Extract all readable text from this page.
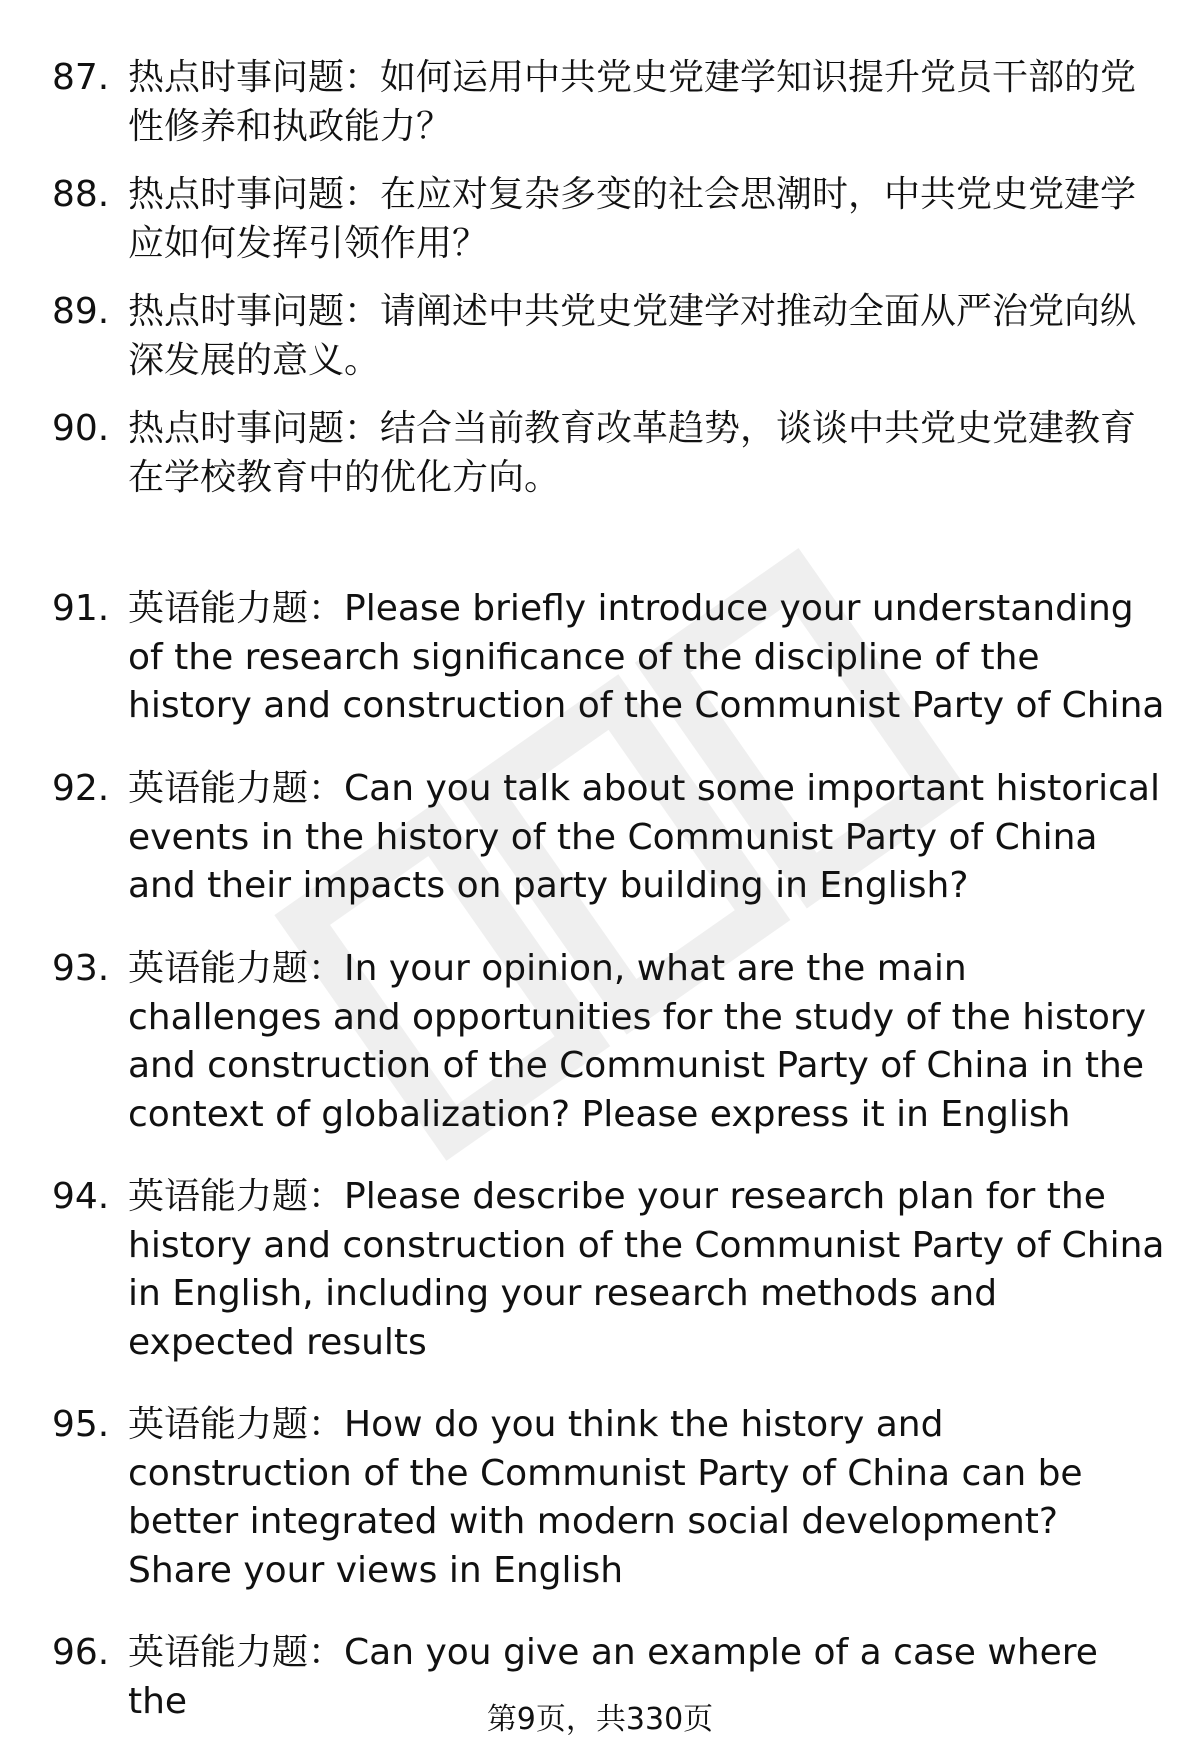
87. 热点时事问题：如何运用中共党史党建学知识提升党员干部的党性修养和执政能力？
88. 热点时事问题：在应对复杂多变的社会思潮时，中共党史党建学应如何发挥引领作用？
89. 热点时事问题：请阐述中共党史党建学对推动全面从严治党向纵深发展的意义。
90. 热点时事问题：结合当前教育改革趋势，谈谈中共党史党建教育在学校教育中的优化方向。
91. 英语能力题：Please briefly introduce your understanding of the research significance of the discipline of the history and construction of the Communist Party of China
92. 英语能力题：Can you talk about some important historical events in the history of the Communist Party of China and their impacts on party building in English?
93. 英语能力题：In your opinion, what are the main challenges and opportunities for the study of the history and construction of the Communist Party of China in the context of globalization? Please express it in English
94. 英语能力题：Please describe your research plan for the history and construction of the Communist Party of China in English, including your research methods and expected results
95. 英语能力题：How do you think the history and construction of the Communist Party of China can be better integrated with modern social development? Share your views in English
96. 英语能力题：Can you give an example of a case where the	第9页，共330页
